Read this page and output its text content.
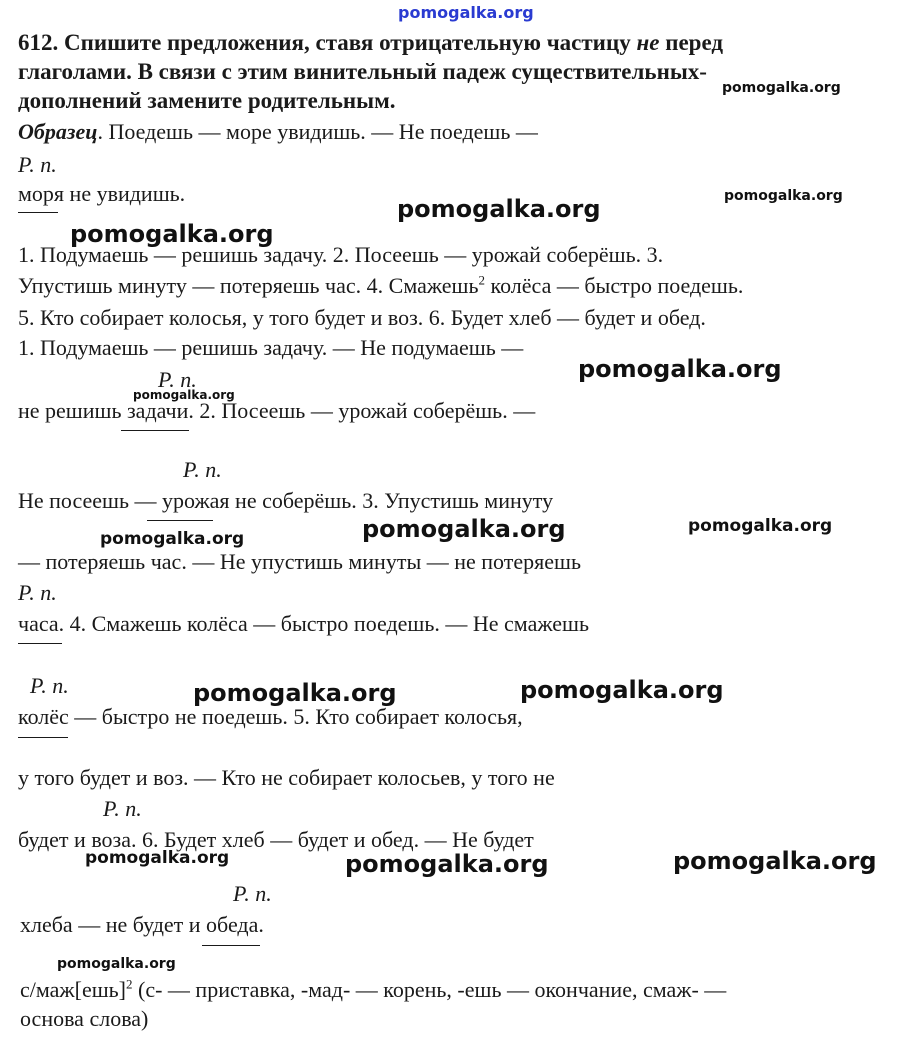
pomogalka.org
612. Спишите предложения, ставя отрицательную частицу не перед
глаголами. В связи с этим винительный падеж существительных-
дополнений замените родительным.
Образец. Поедешь — море увидишь. — Не поедешь —
Р. п.
моря не увидишь.
1. Подумаешь — решишь задачу. 2. Посеешь — урожай соберёшь. 3.
Упустишь минуту — потеряешь час. 4. Смажешь$^2$ колёса — быстро поедешь.
5. Кто собирает колосья, у того будет и воз. 6. Будет хлеб — будет и обед.
1. Подумаешь — решишь задачу. — Не подумаешь —
Р. п.
не решишь задачи. 2. Посеешь — урожай соберёшь. —
Р. п.
Не посеешь — урожая не соберёшь. 3. Упустишь минуту
— потеряешь час. — Не упустишь минуты — не потеряешь
Р. п.
часа. 4. Смажешь колёса — быстро поедешь. — Не смажешь
Р. п.
колёс — быстро не поедешь. 5. Кто собирает колосья,
у того будет и воз. — Кто не собирает колосьев, у того не
Р. п.
будет и воза. 6. Будет хлеб — будет и обед. — Не будет
Р. п.
хлеба — не будет и обеда.
с/маж[ешь]$^2$ (с- — приставка, -мад- — корень, -ешь — окончание, смаж- —
основа слова)
pomogalka.org
pomogalka.org
pomogalka.org
pomogalka.org
pomogalka.org
pomogalka.org
pomogalka.org	pomogalka.org	pomogalka.org
pomogalka.org	pomogalka.org
pomogalka.org	pomogalka.org	pomogalka.org
pomogalka.org
